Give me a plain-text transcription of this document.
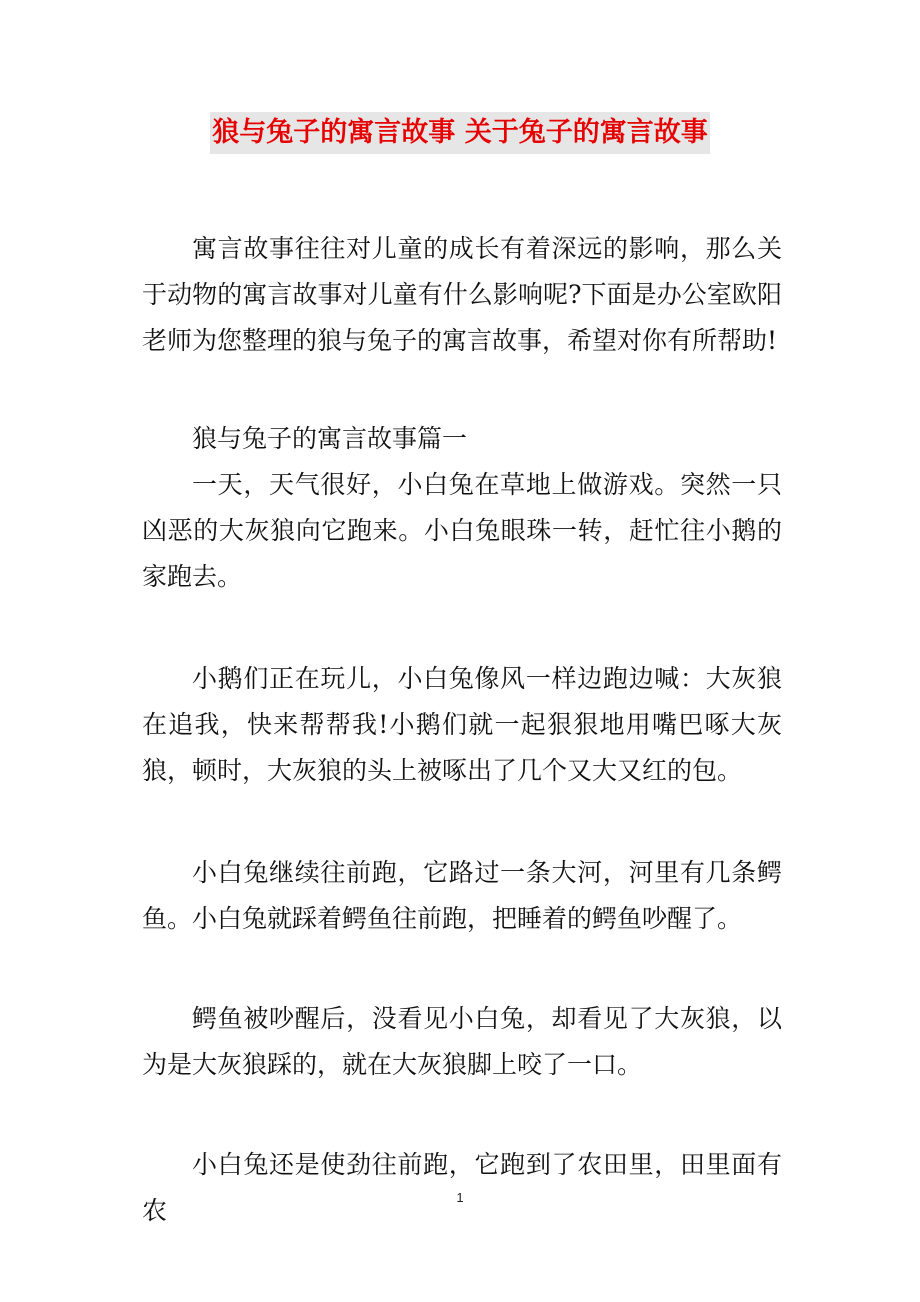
狼与兔子的寓言故事 关于兔子的寓言故事

寓言故事往往对儿童的成长有着深远的影响，那么关于动物的寓言故事对儿童有什么影响呢?下面是办公室欧阳老师为您整理的狼与兔子的寓言故事，希望对你有所帮助!

狼与兔子的寓言故事篇一

一天，天气很好，小白兔在草地上做游戏。突然一只凶恶的大灰狼向它跑来。小白兔眼珠一转，赶忙往小鹅的家跑去。

小鹅们正在玩儿，小白兔像风一样边跑边喊：大灰狼在追我，快来帮帮我!小鹅们就一起狠狠地用嘴巴啄大灰狼，顿时，大灰狼的头上被啄出了几个又大又红的包。

小白兔继续往前跑，它路过一条大河，河里有几条鳄鱼。小白兔就踩着鳄鱼往前跑，把睡着的鳄鱼吵醒了。

鳄鱼被吵醒后，没看见小白兔，却看见了大灰狼，以为是大灰狼踩的，就在大灰狼脚上咬了一口。

小白兔还是使劲往前跑，它跑到了农田里，田里面有农	1
